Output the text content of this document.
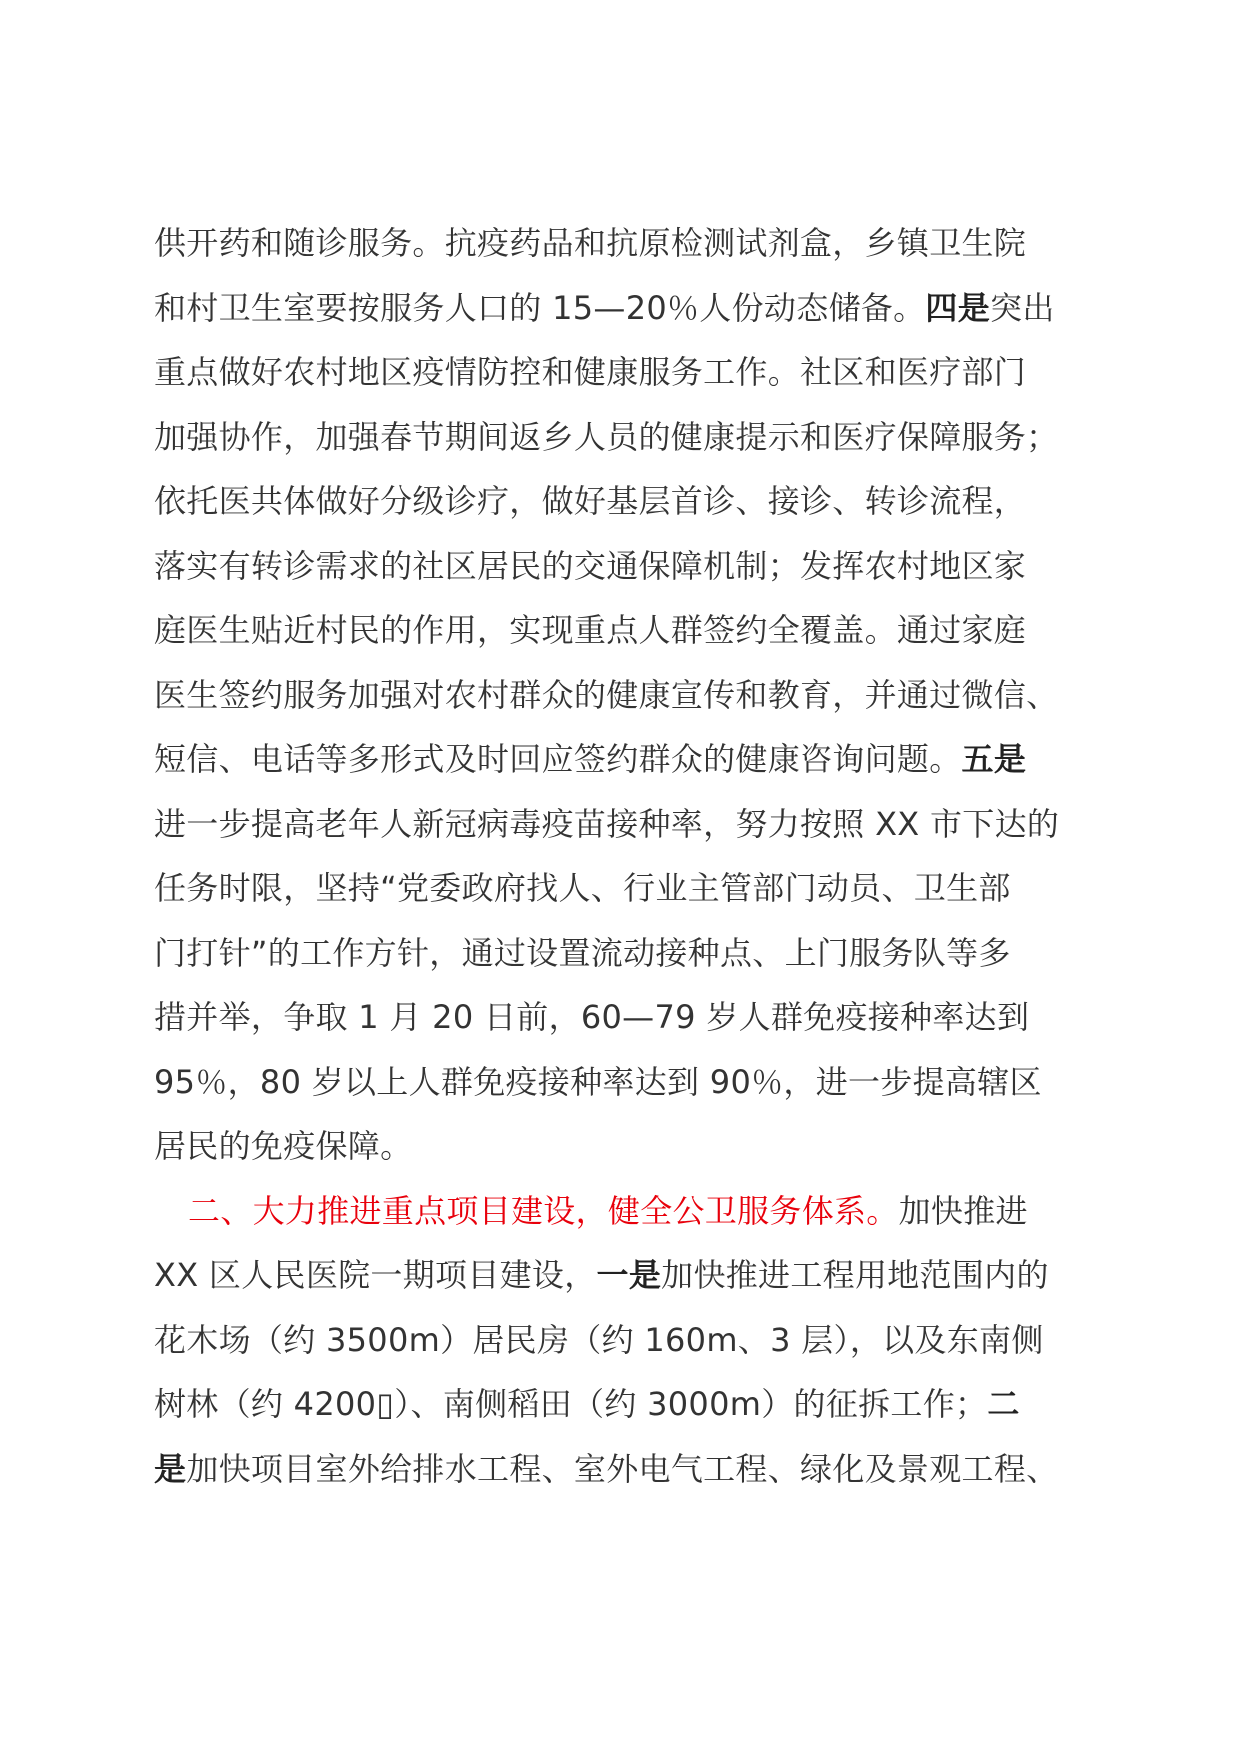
供开药和随诊服务。抗疫药品和抗原检测试剂盒，乡镇卫生院
和村卫生室要按服务人口的 15—20％人份动态储备。四是突出
重点做好农村地区疫情防控和健康服务工作。社区和医疗部门
加强协作，加强春节期间返乡人员的健康提示和医疗保障服务；
依托医共体做好分级诊疗，做好基层首诊、接诊、转诊流程，
落实有转诊需求的社区居民的交通保障机制；发挥农村地区家
庭医生贴近村民的作用，实现重点人群签约全覆盖。通过家庭
医生签约服务加强对农村群众的健康宣传和教育，并通过微信、
短信、电话等多形式及时回应签约群众的健康咨询问题。五是
进一步提高老年人新冠病毒疫苗接种率，努力按照 XX 市下达的
任务时限，坚持“党委政府找人、行业主管部门动员、卫生部
门打针”的工作方针，通过设置流动接种点、上门服务队等多
措并举，争取 1 月 20 日前，60—79 岁人群免疫接种率达到
95％，80 岁以上人群免疫接种率达到 90％，进一步提高辖区
居民的免疫保障。
二、大力推进重点项目建设，健全公卫服务体系。加快推进
XX 区人民医院一期项目建设，一是加快推进工程用地范围内的
花木场（约 3500m）居民房（约 160m、3 层），以及东南侧
树林（约 4200▯）、南侧稻田（约 3000m）的征拆工作；二
是加快项目室外给排水工程、室外电气工程、绿化及景观工程、
